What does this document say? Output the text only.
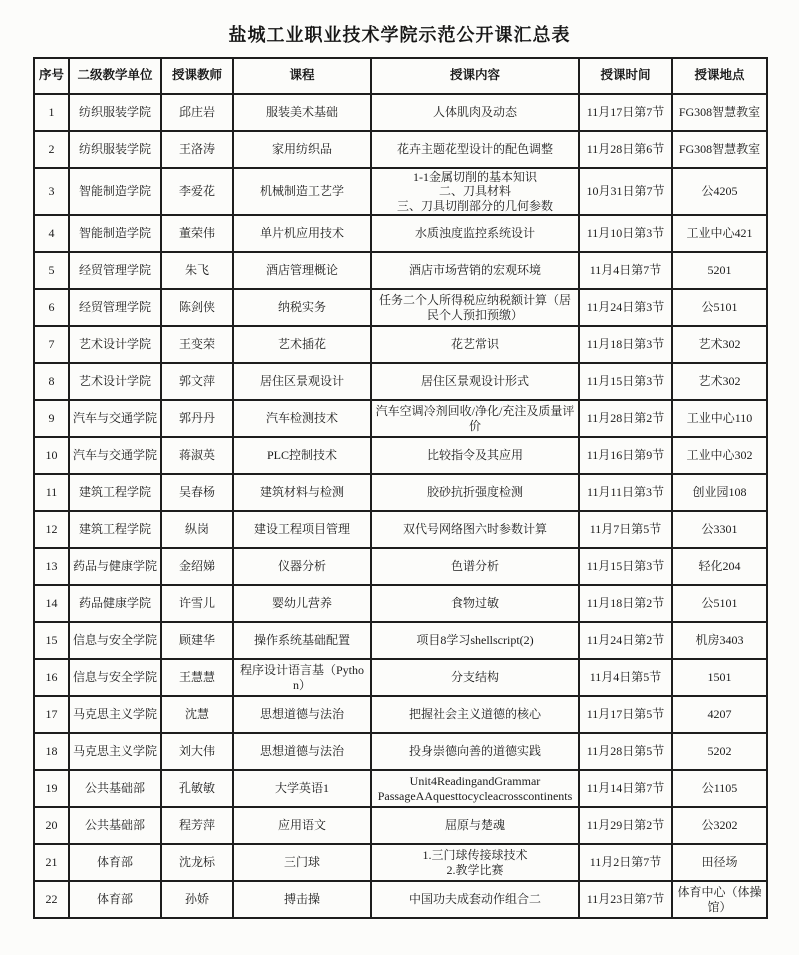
盐城工业职业技术学院示范公开课汇总表
序号	二级教学单位	授课教师	课程	授课内容	授课时间	授课地点
1	纺织服装学院	邱庄岩	服装美术基础	人体肌肉及动态	11月17日第7节	FG308智慧教室
2	纺织服装学院	王洛涛	家用纺织品	花卉主题花型设计的配色调整	11月28日第6节	FG308智慧教室
3	智能制造学院	李爱花	机械制造工艺学	1-1金属切削的基本知识
二、刀具材料
三、刀具切削部分的几何参数	10月31日第7节	公4205
4	智能制造学院	董荣伟	单片机应用技术	水质浊度监控系统设计	11月10日第3节	工业中心421
5	经贸管理学院	朱飞	酒店管理概论	酒店市场营销的宏观环境	11月4日第7节	5201
6	经贸管理学院	陈剑侠	纳税实务	任务二个人所得税应纳税额计算（居民个人预扣预缴）	11月24日第3节	公5101
7	艺术设计学院	王变荣	艺术插花	花艺常识	11月18日第3节	艺术302
8	艺术设计学院	郭文萍	居住区景观设计	居住区景观设计形式	11月15日第3节	艺术302
9	汽车与交通学院	郭丹丹	汽车检测技术	汽车空调冷剂回收/净化/充注及质量评价	11月28日第2节	工业中心110
10	汽车与交通学院	蒋淑英	PLC控制技术	比较指令及其应用	11月16日第9节	工业中心302
11	建筑工程学院	吴春杨	建筑材料与检测	胶砂抗折强度检测	11月11日第3节	创业园108
12	建筑工程学院	纵岗	建设工程项目管理	双代号网络图六时参数计算	11月7日第5节	公3301
13	药品与健康学院	金绍娣	仪器分析	色谱分析	11月15日第3节	轻化204
14	药品健康学院	许雪儿	婴幼儿营养	食物过敏	11月18日第2节	公5101
15	信息与安全学院	顾建华	操作系统基础配置	项目8学习shellscript(2)	11月24日第2节	机房3403
16	信息与安全学院	王慧慧	程序设计语言基（Python）	分支结构	11月4日第5节	1501
17	马克思主义学院	沈慧	思想道德与法治	把握社会主义道德的核心	11月17日第5节	4207
18	马克思主义学院	刘大伟	思想道德与法治	投身崇德向善的道德实践	11月28日第5节	5202
19	公共基础部	孔敏敏	大学英语1	Unit4ReadingandGrammar
PassageAAquesttocycleacrosscontinents	11月14日第7节	公1105
20	公共基础部	程芳萍	应用语文	屈原与楚魂	11月29日第2节	公3202
21	体育部	沈龙标	三门球	1.三门球传接球技术
2.教学比赛	11月2日第7节	田径场
22	体育部	孙娇	搏击操	中国功夫成套动作组合二	11月23日第7节	体育中心（体操馆）
